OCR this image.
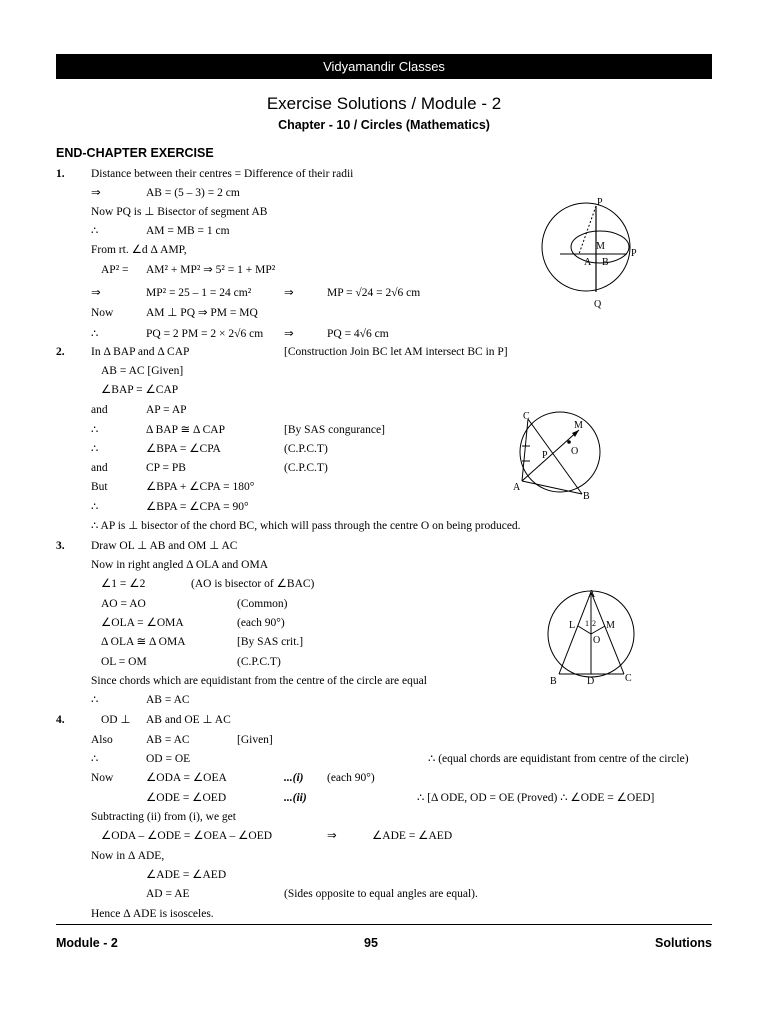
Vidyamandir Classes
Exercise Solutions / Module - 2
Chapter - 10 / Circles (Mathematics)
END-CHAPTER EXERCISE
1. Distance between their centres = Difference of their radii
⇒	AB = (5 – 3) = 2 cm
Now PQ is ⊥ Bisector of segment AB
∴	AM = MB = 1 cm
From rt. ∠d Δ AMP,
AP² = AM² + MP² ⇒ 5² = 1 + MP²
⇒	MP² = 25 – 1 = 24 cm²	⇒	MP = √24 = 2√6 cm
Now	AM ⊥ PQ ⇒ PM = MQ
∴	PQ = 2 PM = 2 × 2√6 cm ⇒	PQ = 4√6 cm
P
M
A B
P
Q
2. In Δ BAP and Δ CAP	[Construction Join BC let AM intersect BC in P]
AB = AC [Given]
∠BAP = ∠CAP
and	AP = AP
∴	Δ BAP ≅ Δ CAP	[By SAS congurance]
∴	∠BPA = ∠CPA	(C.P.C.T)
and	CP = PB	(C.P.C.T)
But	∠BPA + ∠CPA = 180°
∴	∠BPA = ∠CPA = 90°
∴ AP is ⊥ bisector of the chord BC, which will pass through the centre O on being produced.
C
M
P O
A
B
3. Draw OL ⊥ AB and OM ⊥ AC
Now in right angled Δ OLA and OMA
∠1 = ∠2	(AO is bisector of ∠BAC)
AO = AO	(Common)
∠OLA = ∠OMA	(each 90°)
Δ OLA ≅ Δ OMA	[By SAS crit.]
OL = OM	(C.P.C.T)
Since chords which are equidistant from the centre of the circle are equal
∴	AB = AC
A
L 1 2 M
O
B	D	C
4.	OD ⊥ AB and OE ⊥ AC
Also	AB = AC	[Given]
∴	OD = OE	∴ (equal chords are equidistant from centre of the circle)
Now	∠ODA = ∠OEA	...(i) (each 90°)
∠ODE = ∠OED	...(ii)	∴ [Δ ODE, OD = OE (Proved) ∴ ∠ODE = ∠OED]
Subtracting (ii) from (i), we get
∠ODA – ∠ODE = ∠OEA – ∠OED	⇒	∠ADE = ∠AED
Now in Δ ADE,
∠ADE = ∠AED
AD = AE	(Sides opposite to equal angles are equal).
Hence Δ ADE is isosceles.
Module - 2	95	Solutions
